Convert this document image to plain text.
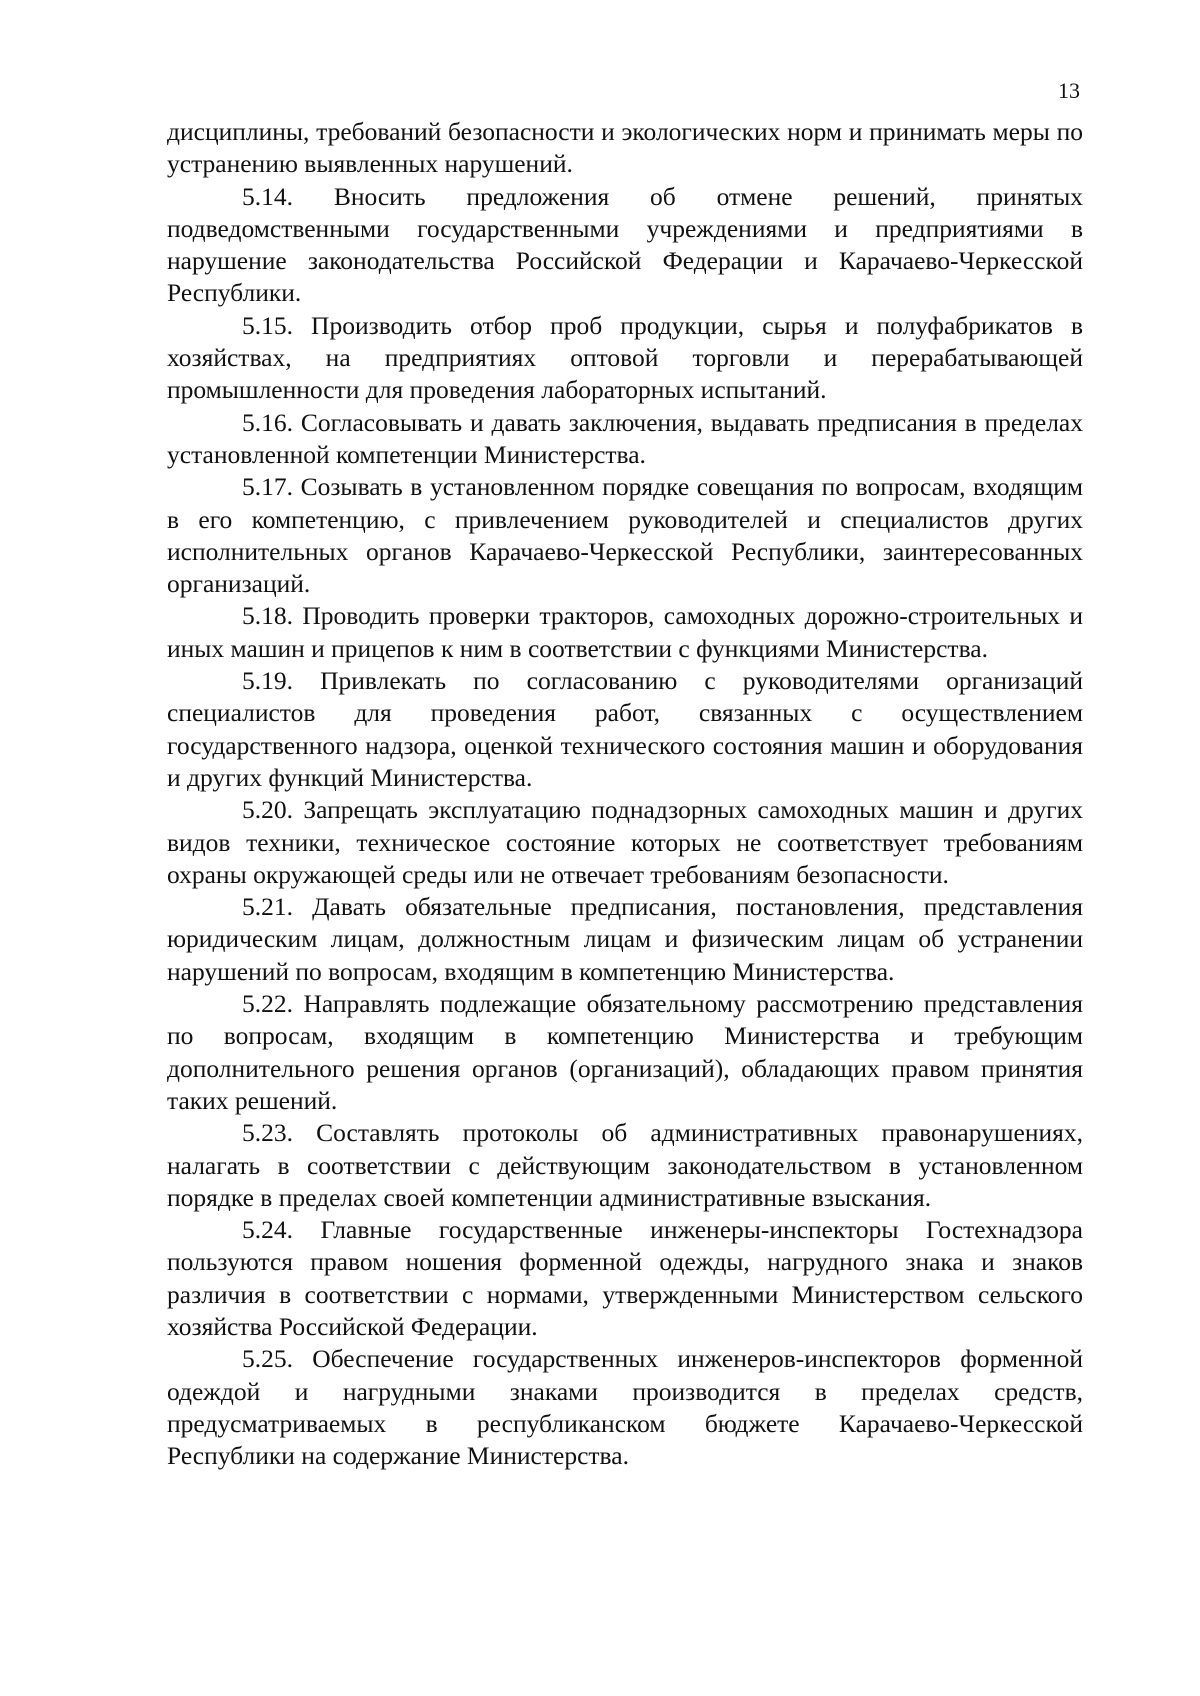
13

дисциплины, требований безопасности и экологических норм и принимать меры по устранению выявленных нарушений.

5.14. Вносить предложения об отмене решений, принятых подведомственными государственными учреждениями и предприятиями в нарушение законодательства Российской Федерации и Карачаево-Черкесской Республики.

5.15. Производить отбор проб продукции, сырья и полуфабрикатов в хозяйствах, на предприятиях оптовой торговли и перерабатывающей промышленности для проведения лабораторных испытаний.

5.16. Согласовывать и давать заключения, выдавать предписания в пределах установленной компетенции Министерства.

5.17. Созывать в установленном порядке совещания по вопросам, входящим в его компетенцию, с привлечением руководителей и специалистов других исполнительных органов Карачаево-Черкесской Республики, заинтересованных организаций.

5.18. Проводить проверки тракторов, самоходных дорожно-строительных и иных машин и прицепов к ним в соответствии с функциями Министерства.

5.19. Привлекать по согласованию с руководителями организаций специалистов для проведения работ, связанных с осуществлением государственного надзора, оценкой технического состояния машин и оборудования и других функций Министерства.

5.20. Запрещать эксплуатацию поднадзорных самоходных машин и других видов техники, техническое состояние которых не соответствует требованиям охраны окружающей среды или не отвечает требованиям безопасности.

5.21. Давать обязательные предписания, постановления, представления юридическим лицам, должностным лицам и физическим лицам об устранении нарушений по вопросам, входящим в компетенцию Министерства.

5.22. Направлять подлежащие обязательному рассмотрению представления по вопросам, входящим в компетенцию Министерства и требующим дополнительного решения органов (организаций), обладающих правом принятия таких решений.

5.23. Составлять протоколы об административных правонарушениях, налагать в соответствии с действующим законодательством в установленном порядке в пределах своей компетенции административные взыскания.

5.24. Главные государственные инженеры-инспекторы Гостехнадзора пользуются правом ношения форменной одежды, нагрудного знака и знаков различия в соответствии с нормами, утвержденными Министерством сельского хозяйства Российской Федерации.

5.25. Обеспечение государственных инженеров-инспекторов форменной одеждой и нагрудными знаками производится в пределах средств, предусматриваемых в республиканском бюджете Карачаево-Черкесской Республики на содержание Министерства.
